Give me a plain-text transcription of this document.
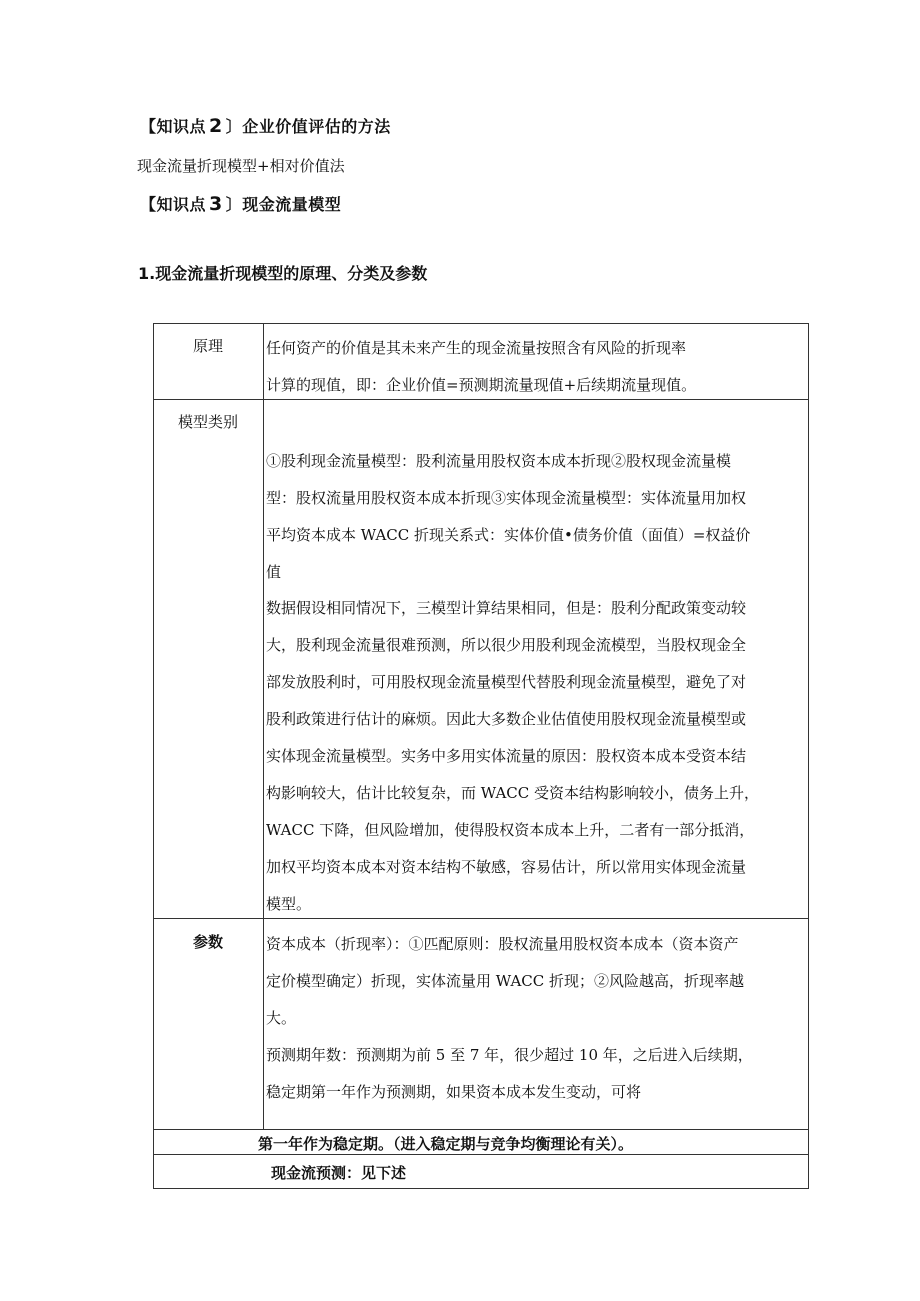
【知识点 2 〕企业价值评估的方法
现金流量折现模型+相对价值法
【知识点 3 〕现金流量模型
1.现金流量折现模型的原理、分类及参数
原理	任何资产的价值是其未来产生的现金流量按照含有风险的折现率
计算的现值，即：企业价值=预测期流量现值+后续期流量现值。
模型类别
①股利现金流量模型：股利流量用股权资本成本折现②股权现金流量模
型：股权流量用股权资本成本折现③实体现金流量模型：实体流量用加权
平均资本成本 WACC 折现关系式：实体价值•债务价值（面值）=权益价
值
数据假设相同情况下，三模型计算结果相同，但是：股利分配政策变动较
大，股利现金流量很难预测，所以很少用股利现金流模型，当股权现金全
部发放股利时，可用股权现金流量模型代替股利现金流量模型，避免了对
股利政策进行估计的麻烦。因此大多数企业估值使用股权现金流量模型或
实体现金流量模型。实务中多用实体流量的原因：股权资本成本受资本结
构影响较大，估计比较复杂，而 WACC 受资本结构影响较小，债务上升，
WACC 下降，但风险增加，使得股权资本成本上升，二者有一部分抵消，
加权平均资本成本对资本结构不敏感，容易估计，所以常用实体现金流量
模型。
参数	资本成本（折现率）：①匹配原则：股权流量用股权资本成本（资本资产
定价模型确定）折现，实体流量用 WACC 折现；②风险越高，折现率越
大。
预测期年数：预测期为前 5 至 7 年，很少超过 10 年，之后进入后续期，
稳定期第一年作为预测期，如果资本成本发生变动，可将
第一年作为稳定期。（进入稳定期与竞争均衡理论有关）。
现金流预测：见下述
